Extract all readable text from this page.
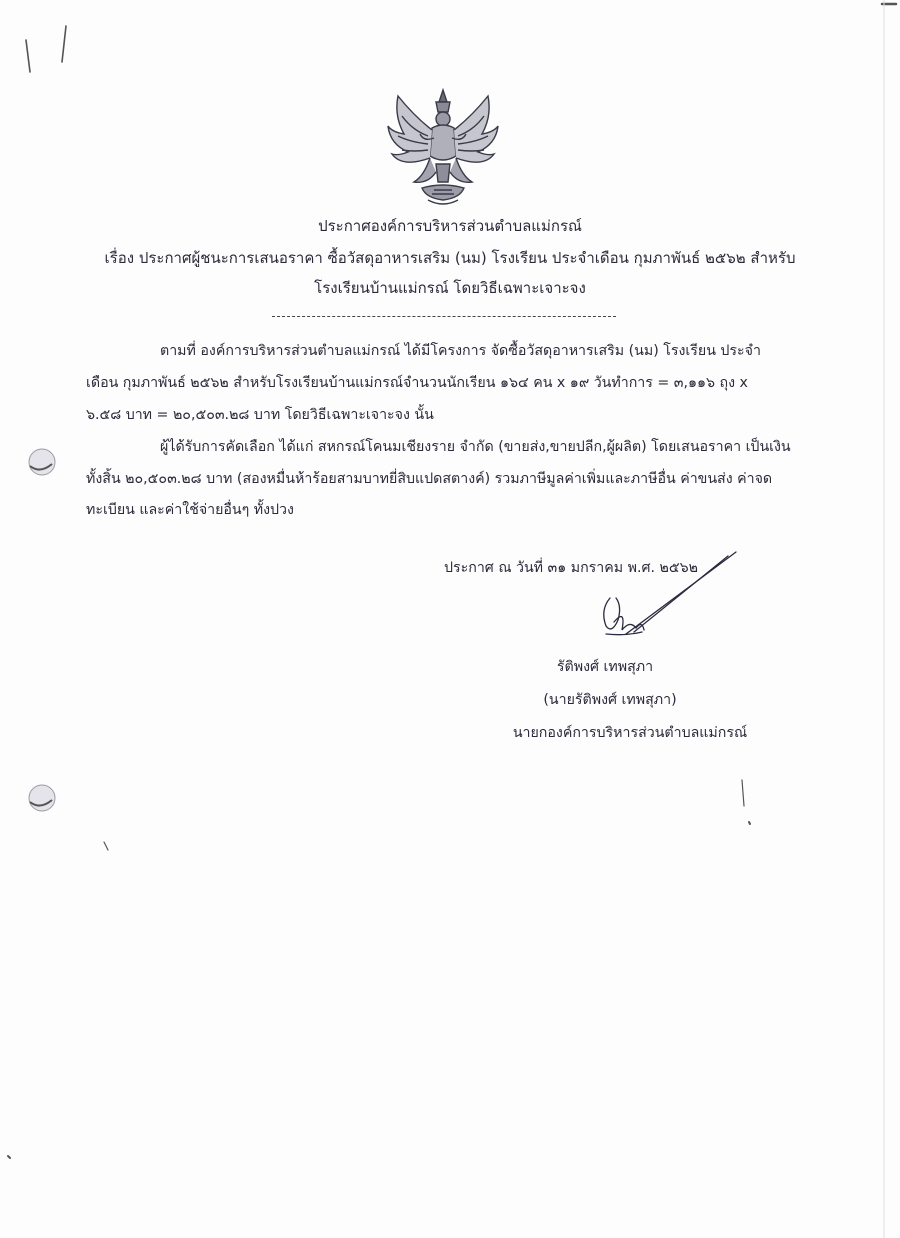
ประกาศองค์การบริหารส่วนตำบลแม่กรณ์
เรื่อง ประกาศผู้ชนะการเสนอราคา ซื้อวัสดุอาหารเสริม (นม) โรงเรียน ประจำเดือน กุมภาพันธ์ ๒๕๖๒ สำหรับ
โรงเรียนบ้านแม่กรณ์ โดยวิธีเฉพาะเจาะจง
ตามที่ องค์การบริหารส่วนตำบลแม่กรณ์ ได้มีโครงการ จัดซื้อวัสดุอาหารเสริม (นม) โรงเรียน ประจำ
เดือน กุมภาพันธ์ ๒๕๖๒ สำหรับโรงเรียนบ้านแม่กรณ์จำนวนนักเรียน ๑๖๔ คน x ๑๙ วันทำการ = ๓,๑๑๖ ถุง x
๖.๕๘ บาท = ๒๐,๕๐๓.๒๘ บาท โดยวิธีเฉพาะเจาะจง นั้น
ผู้ได้รับการคัดเลือก ได้แก่ สหกรณ์โคนมเชียงราย จำกัด (ขายส่ง,ขายปลีก,ผู้ผลิต) โดยเสนอราคา เป็นเงิน
ทั้งสิ้น ๒๐,๕๐๓.๒๘ บาท (สองหมื่นห้าร้อยสามบาทยี่สิบแปดสตางค์) รวมภาษีมูลค่าเพิ่มและภาษีอื่น ค่าขนส่ง ค่าจด
ทะเบียน และค่าใช้จ่ายอื่นๆ ทั้งปวง
ประกาศ ณ วันที่ ๓๑ มกราคม พ.ศ. ๒๕๖๒
รัติพงศ์ เทพสุภา
(นายรัติพงศ์ เทพสุภา)
นายกองค์การบริหารส่วนตำบลแม่กรณ์
